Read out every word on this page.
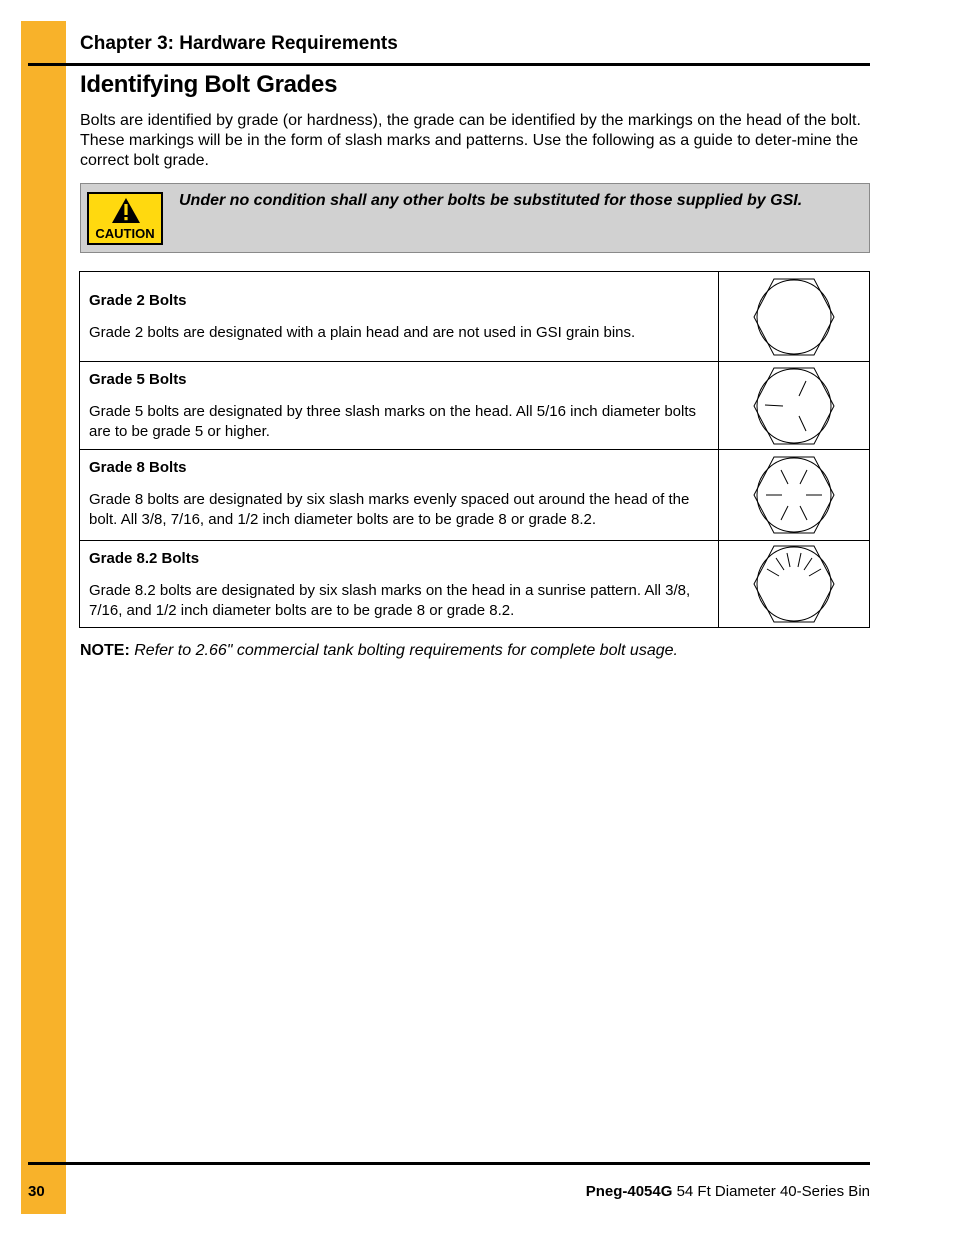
Chapter 3: Hardware Requirements
Identifying Bolt Grades

Bolts are identified by grade (or hardness), the grade can be identified by the markings on the head of the bolt. These markings will be in the form of slash marks and patterns. Use the following as a guide to deter-mine the correct bolt grade.

CAUTION

Under no condition shall any other bolts be substituted for those supplied by GSI.

Grade 2 Bolts

Grade 2 bolts are designated with a plain head and are not used in GSI grain bins.

Grade 5 Bolts

Grade 5 bolts are designated by three slash marks on the head. All 5/16 inch diameter bolts are to be grade 5 or higher.

Grade 8 Bolts

Grade 8 bolts are designated by six slash marks evenly spaced out around the head of the bolt. All 3/8, 7/16, and 1/2 inch diameter bolts are to be grade 8 or grade 8.2.

Grade 8.2 Bolts

Grade 8.2 bolts are designated by six slash marks on the head in a sunrise pattern. All 3/8, 7/16, and 1/2 inch diameter bolts are to be grade 8 or grade 8.2.

NOTE: Refer to 2.66" commercial tank bolting requirements for complete bolt usage.

30	Pneg-4054G 54 Ft Diameter 40-Series Bin
